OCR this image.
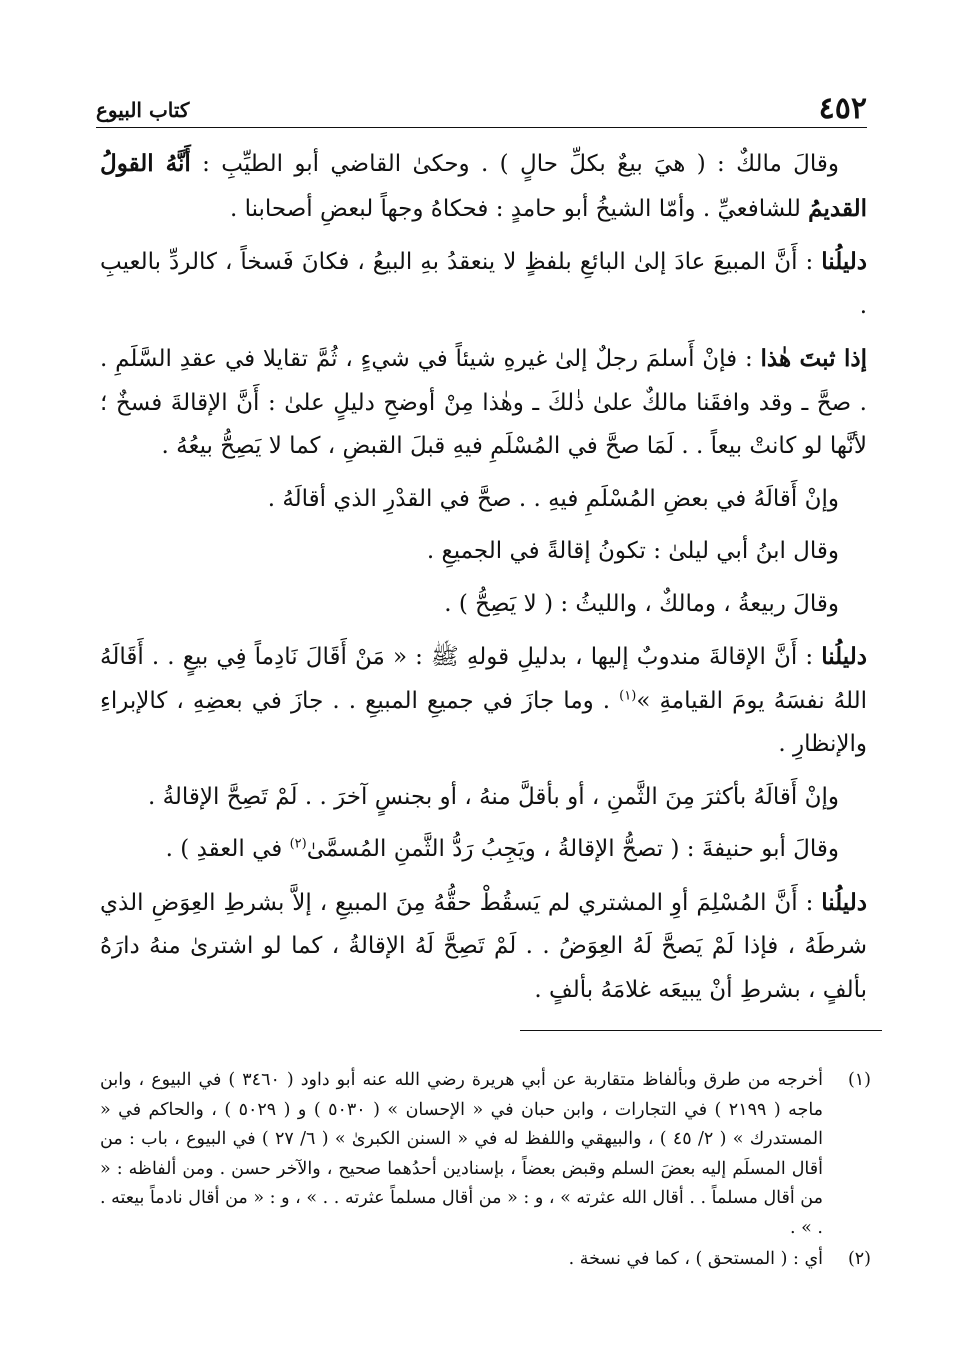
٤٥٢
كتاب البيوع

وقالَ مالكٌ : ( هيَ بيعٌ بكلِّ حالٍ ) . وحكىٰ القاضي أبو الطيِّبِ : أَنَّهُ القولُ القديمُ للشافعيِّ . وأمّا الشيخُ أبو حامدٍ : فحكاهُ وجهاً لبعضِ أصحابنا .

دليلُنا : أَنَّ المبيعَ عادَ إلىٰ البائعِ بلفظٍ لا ينعقدُ بهِ البيعُ ، فكانَ فَسخاً ، كالردِّ بالعيبِ .

إذا ثبتَ هٰذا : فإنْ أَسلمَ رجلٌ إلىٰ غيرهِ شيئاً في شيءٍ ، ثُمَّ تقايلا في عقدِ السَّلَمِ . . صحَّ ـ وقد وافقَنا مالكٌ علىٰ ذٰلكَ ـ وهٰذا مِنْ أوضحِ دليلٍ علىٰ : أَنَّ الإقالةَ فسخٌ ؛ لأنَّها لو كانتْ بيعاً . . لَمَا صحَّ في المُسْلَمِ فيهِ قبلَ القبضِ ، كما لا يَصِحُّ بيعُهُ .

وإنْ أَقالَهُ في بعضِ المُسْلَمِ فيهِ . . صحَّ في القدْرِ الذي أقالَهُ .

وقال ابنُ أبي ليلىٰ : تكونُ إقالةً في الجميعِ .

وقالَ ربيعةُ ، ومالكٌ ، والليثُ : ( لا يَصِحُّ ) .

دليلُنا : أَنَّ الإقالةَ مندوبٌ إليها ، بدليلِ قولهِ ﷺ : « مَنْ أَقَالَ نَادِماً فِي بيعٍ . . أَقَالَهُ اللهُ نفسَهُ يومَ القيامةِ »$^{(١)}$ . وما جازَ في جميعِ المبيعِ . . جازَ في بعضِهِ ، كالإبراءِ والإنظارِ .

وإنْ أَقالَهُ بأكثرَ مِنَ الثَّمنِ ، أو بأقلَّ منهُ ، أو بجنسٍ آخرَ . . لَمْ تَصِحَّ الإقالةُ .

وقالَ أبو حنيفةَ : ( تصحُّ الإقالةُ ، ويَجِبُ رَدُّ الثَّمنِ المُسمَّىٰ$^{(٢)}$ في العقدِ ) .

دليلُنا : أَنَّ المُسْلِمَ أوِ المشتري لم يَسقُطْ حقُّهُ مِنَ المبيعِ ، إلاَّ بشرطِ العِوَضِ الذي شرطَهُ ، فإذا لَمْ يَصحَّ لَهُ العِوَضُ . . لَمْ تَصِحَّ لَهُ الإقالةُ ، كما لو اشترىٰ منهُ دارَهُ بألفٍ ، بشرطِ أنْ يبيعَه غلامَهُ بألفٍ .

(١)
أخرجه من طرق وبألفاظ متقاربة عن أبي هريرة رضي الله عنه أبو داود ( ٣٤٦٠ ) في البيوع ، وابن ماجه ( ٢١٩٩ ) في التجارات ، وابن حبان في « الإحسان » ( ٥٠٣٠ ) و ( ٥٠٢٩ ) ، والحاكم في « المستدرك » ( ٢/ ٤٥ ) ، والبيهقي واللفظ له في « السنن الكبرىٰ » ( ٦/ ٢٧ ) في البيوع ، باب : من أقال المسلَم إليه بعضَ السلم وقبض بعضاً ، بإسنادين أحدُهما صحيح ، والآخر حسن . ومن ألفاظه : « من أقال مسلماً . . أقال الله عثرته » ، و : « من أقال مسلماً عثرته . . » ، و : « من أقال نادماً بيعته . . » .
(٢)
أي : ( المستحق ) ، كما في نسخة .
